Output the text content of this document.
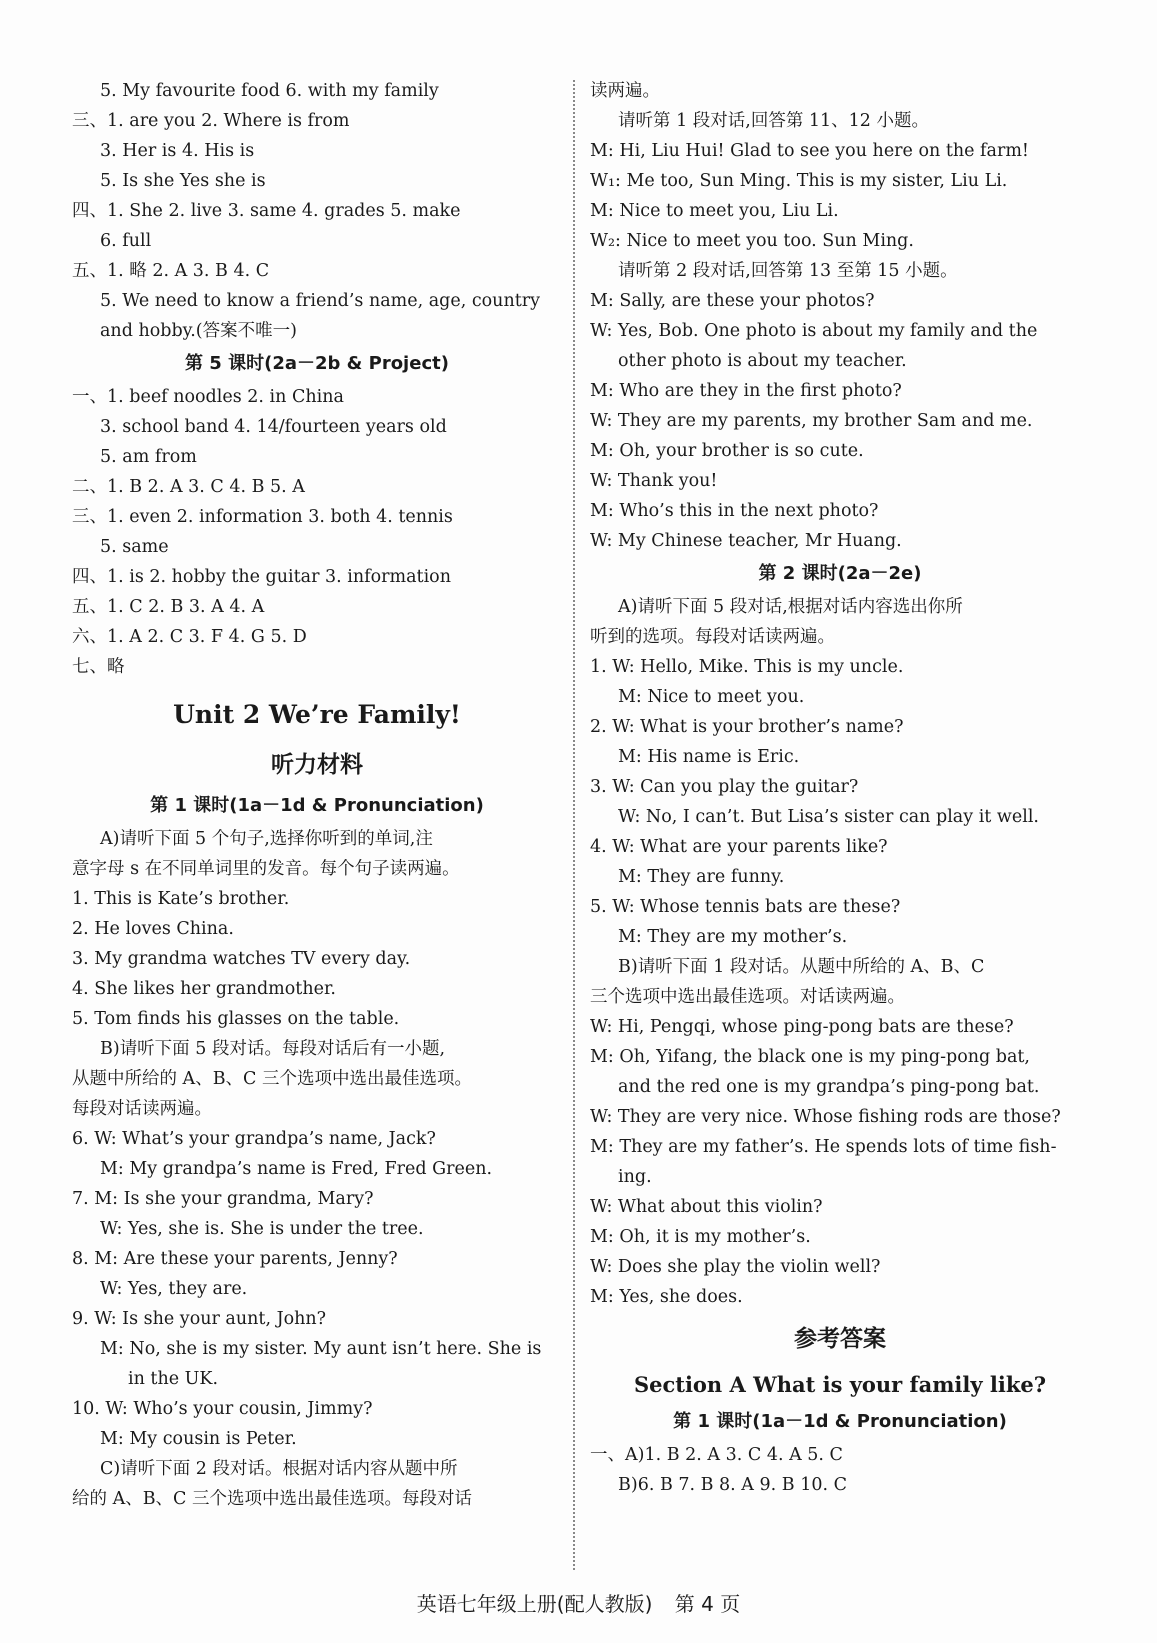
5. My favourite food 6. with my family
三、1. are you 2. Where is from
3. Her is 4. His is
5. Is she Yes she is
四、1. She 2. live 3. same 4. grades 5. make
6. full
五、1. 略 2. A 3. B 4. C
5. We need to know a friend’s name, age, country
and hobby.(答案不唯一)
第 5 课时(2a－2b & Project)
一、1. beef noodles 2. in China
3. school band 4. 14/fourteen years old
5. am from
二、1. B 2. A 3. C 4. B 5. A
三、1. even 2. information 3. both 4. tennis
5. same
四、1. is 2. hobby the guitar 3. information
五、1. C 2. B 3. A 4. A
六、1. A 2. C 3. F 4. G 5. D
七、略
Unit 2 We’re Family!
听力材料
第 1 课时(1a－1d & Pronunciation)
A)请听下面 5 个句子,选择你听到的单词,注
意字母 s 在不同单词里的发音。每个句子读两遍。
1. This is Kate’s brother.
2. He loves China.
3. My grandma watches TV every day.
4. She likes her grandmother.
5. Tom finds his glasses on the table.
B)请听下面 5 段对话。每段对话后有一小题,
从题中所给的 A、B、C 三个选项中选出最佳选项。
每段对话读两遍。
6. W: What’s your grandpa’s name, Jack?
M: My grandpa’s name is Fred, Fred Green.
7. M: Is she your grandma, Mary?
W: Yes, she is. She is under the tree.
8. M: Are these your parents, Jenny?
W: Yes, they are.
9. W: Is she your aunt, John?
M: No, she is my sister. My aunt isn’t here. She is
in the UK.
10. W: Who’s your cousin, Jimmy?
M: My cousin is Peter.
C)请听下面 2 段对话。根据对话内容从题中所
给的 A、B、C 三个选项中选出最佳选项。每段对话
读两遍。
请听第 1 段对话,回答第 11、12 小题。
M: Hi, Liu Hui! Glad to see you here on the farm!
W₁: Me too, Sun Ming. This is my sister, Liu Li.
M: Nice to meet you, Liu Li.
W₂: Nice to meet you too. Sun Ming.
请听第 2 段对话,回答第 13 至第 15 小题。
M: Sally, are these your photos?
W: Yes, Bob. One photo is about my family and the
other photo is about my teacher.
M: Who are they in the first photo?
W: They are my parents, my brother Sam and me.
M: Oh, your brother is so cute.
W: Thank you!
M: Who’s this in the next photo?
W: My Chinese teacher, Mr Huang.
第 2 课时(2a－2e)
A)请听下面 5 段对话,根据对话内容选出你所
听到的选项。每段对话读两遍。
1. W: Hello, Mike. This is my uncle.
M: Nice to meet you.
2. W: What is your brother’s name?
M: His name is Eric.
3. W: Can you play the guitar?
W: No, I can’t. But Lisa’s sister can play it well.
4. W: What are your parents like?
M: They are funny.
5. W: Whose tennis bats are these?
M: They are my mother’s.
B)请听下面 1 段对话。从题中所给的 A、B、C
三个选项中选出最佳选项。对话读两遍。
W: Hi, Pengqi, whose ping-pong bats are these?
M: Oh, Yifang, the black one is my ping-pong bat,
and the red one is my grandpa’s ping-pong bat.
W: They are very nice. Whose fishing rods are those?
M: They are my father’s. He spends lots of time fish-
ing.
W: What about this violin?
M: Oh, it is my mother’s.
W: Does she play the violin well?
M: Yes, she does.
参考答案
Section A What is your family like?
第 1 课时(1a－1d & Pronunciation)
一、A)1. B 2. A 3. C 4. A 5. C
B)6. B 7. B 8. A 9. B 10. C
英语七年级上册(配人教版) 第 4 页
